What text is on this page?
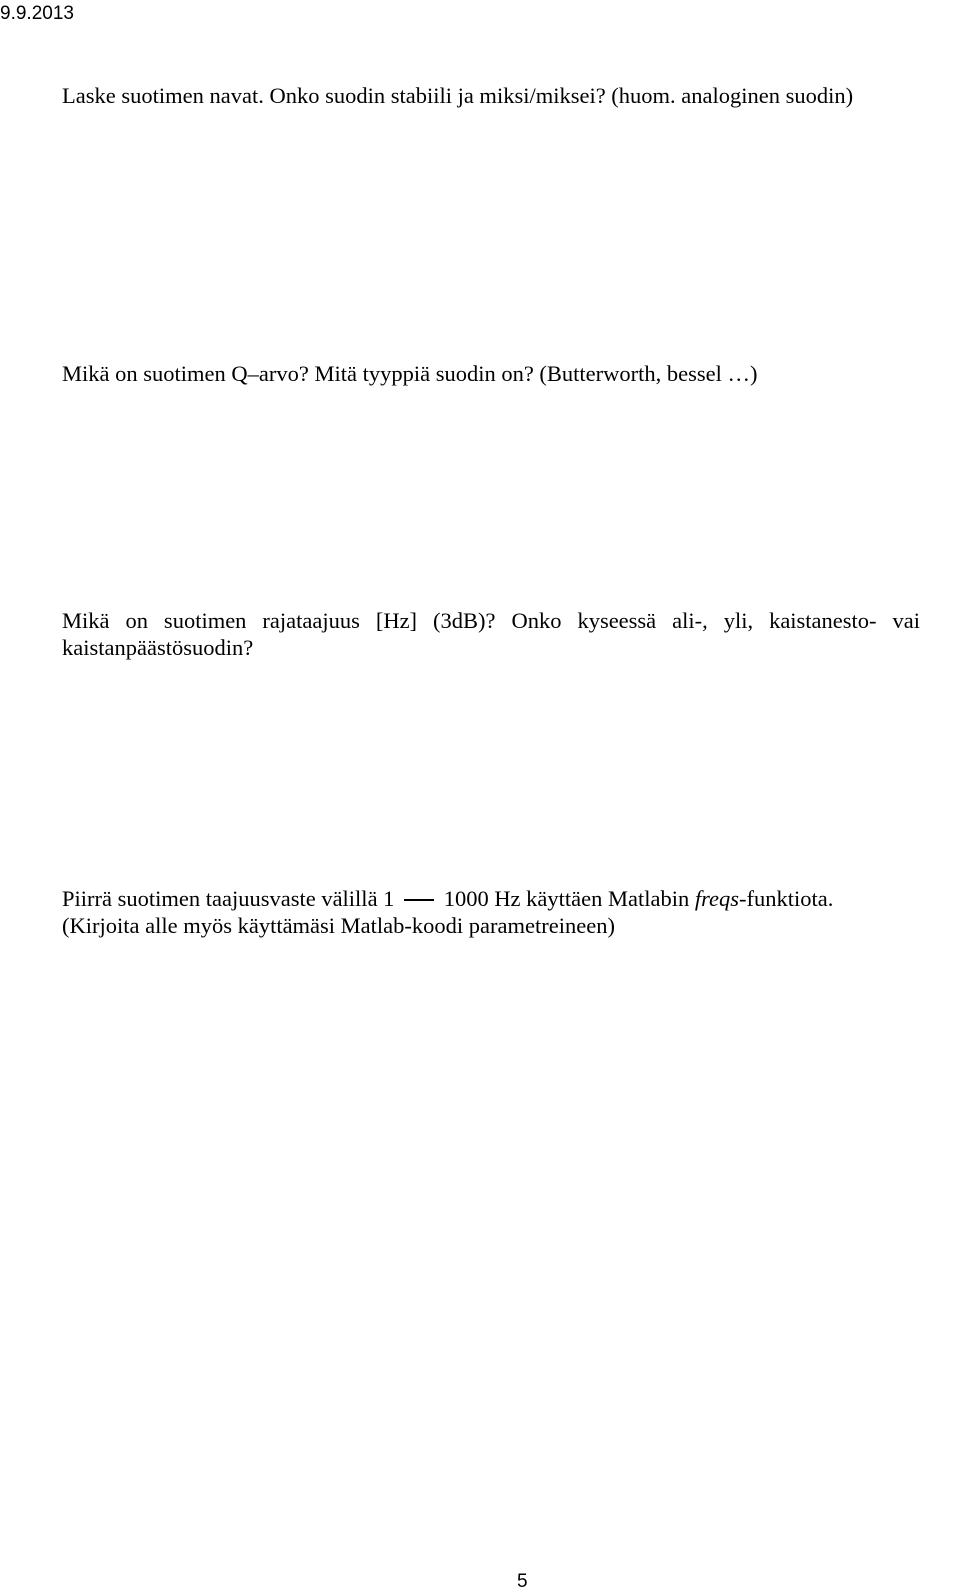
9.9.2013

Laske suotimen navat. Onko suodin stabiili ja miksi/miksei? (huom. analoginen suodin)

Mikä on suotimen Q–arvo? Mitä tyyppiä suodin on? (Butterworth, bessel …)

Mikä on suotimen rajataajuus [Hz] (3dB)? Onko kyseessä ali-, yli, kaistanesto- vai kaistanpäästösuodin?

Piirrä suotimen taajuusvaste välillä 1 1000 Hz käyttäen Matlabin freqs-funktiota.

(Kirjoita alle myös käyttämäsi Matlab-koodi parametreineen)

5
